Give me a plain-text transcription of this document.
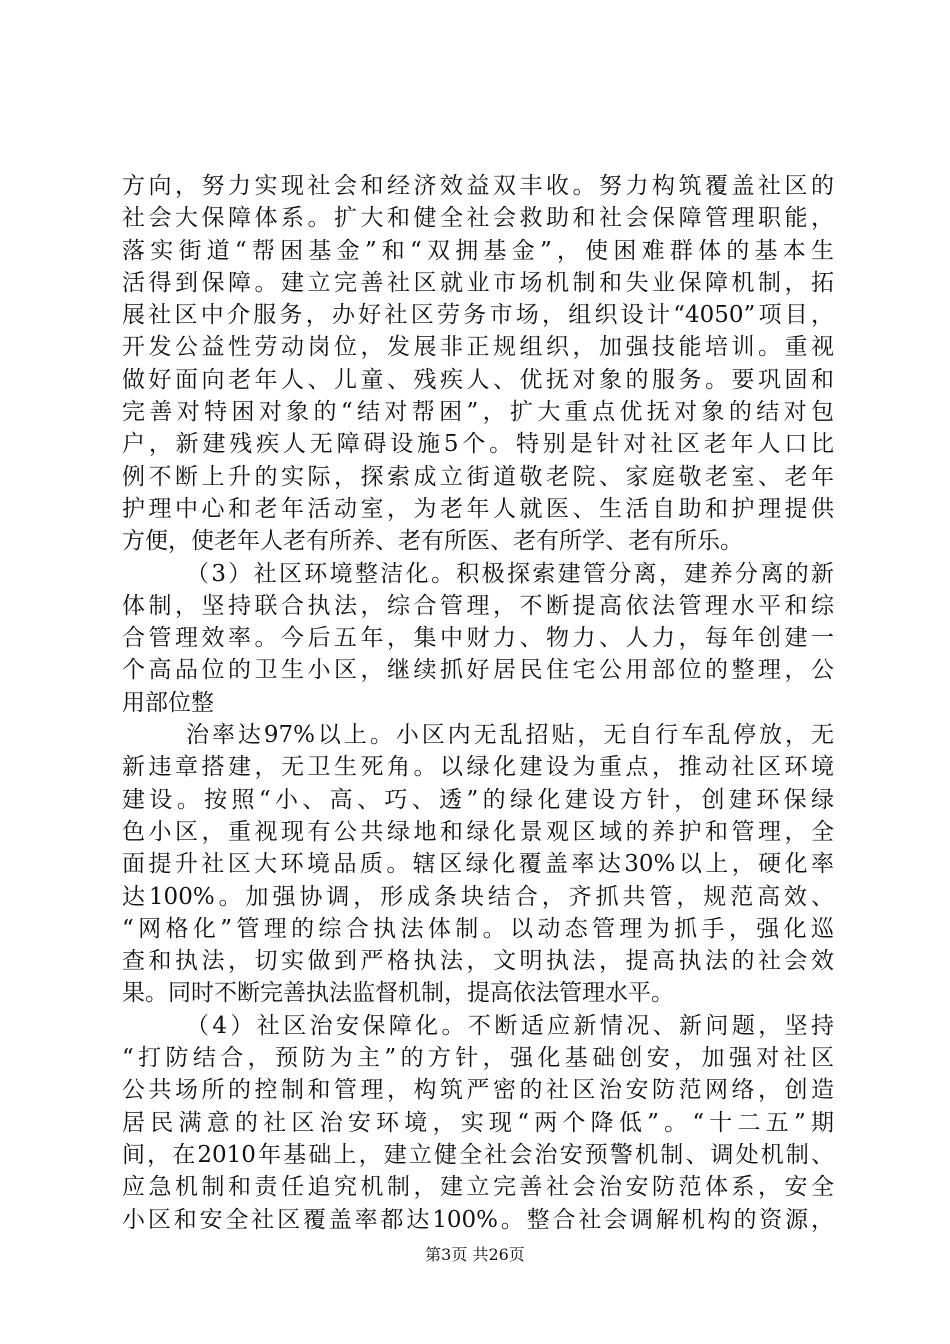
方向，努力实现社会和经济效益双丰收。努力构筑覆盖社区的
社会大保障体系。扩大和健全社会救助和社会保障管理职能，
落实街道“帮困基金”和“双拥基金”，使困难群体的基本生
活得到保障。建立完善社区就业市场机制和失业保障机制，拓
展社区中介服务，办好社区劳务市场，组织设计“4050”项目，
开发公益性劳动岗位，发展非正规组织，加强技能培训。重视
做好面向老年人、儿童、残疾人、优抚对象的服务。要巩固和
完善对特困对象的“结对帮困”，扩大重点优抚对象的结对包
户，新建残疾人无障碍设施5个。特别是针对社区老年人口比
例不断上升的实际，探索成立街道敬老院、家庭敬老室、老年
护理中心和老年活动室，为老年人就医、生活自助和护理提供
方便，使老年人老有所养、老有所医、老有所学、老有所乐。
（3）社区环境整洁化。积极探索建管分离，建养分离的新
体制，坚持联合执法，综合管理，不断提高依法管理水平和综
合管理效率。今后五年，集中财力、物力、人力，每年创建一
个高品位的卫生小区，继续抓好居民住宅公用部位的整理，公
用部位整
治率达97%以上。小区内无乱招贴，无自行车乱停放，无
新违章搭建，无卫生死角。以绿化建设为重点，推动社区环境
建设。按照“小、高、巧、透”的绿化建设方针，创建环保绿
色小区，重视现有公共绿地和绿化景观区域的养护和管理，全
面提升社区大环境品质。辖区绿化覆盖率达30%以上，硬化率
达100%。加强协调，形成条块结合，齐抓共管，规范高效、
“网格化”管理的综合执法体制。以动态管理为抓手，强化巡
查和执法，切实做到严格执法，文明执法，提高执法的社会效
果。同时不断完善执法监督机制，提高依法管理水平。
（4）社区治安保障化。不断适应新情况、新问题，坚持
“打防结合，预防为主”的方针，强化基础创安，加强对社区
公共场所的控制和管理，构筑严密的社区治安防范网络，创造
居民满意的社区治安环境，实现“两个降低”。“十二五”期
间，在2010年基础上，建立健全社会治安预警机制、调处机制、
应急机制和责任追究机制，建立完善社会治安防范体系，安全
小区和安全社区覆盖率都达100%。整合社会调解机构的资源，
第3页 共26页
